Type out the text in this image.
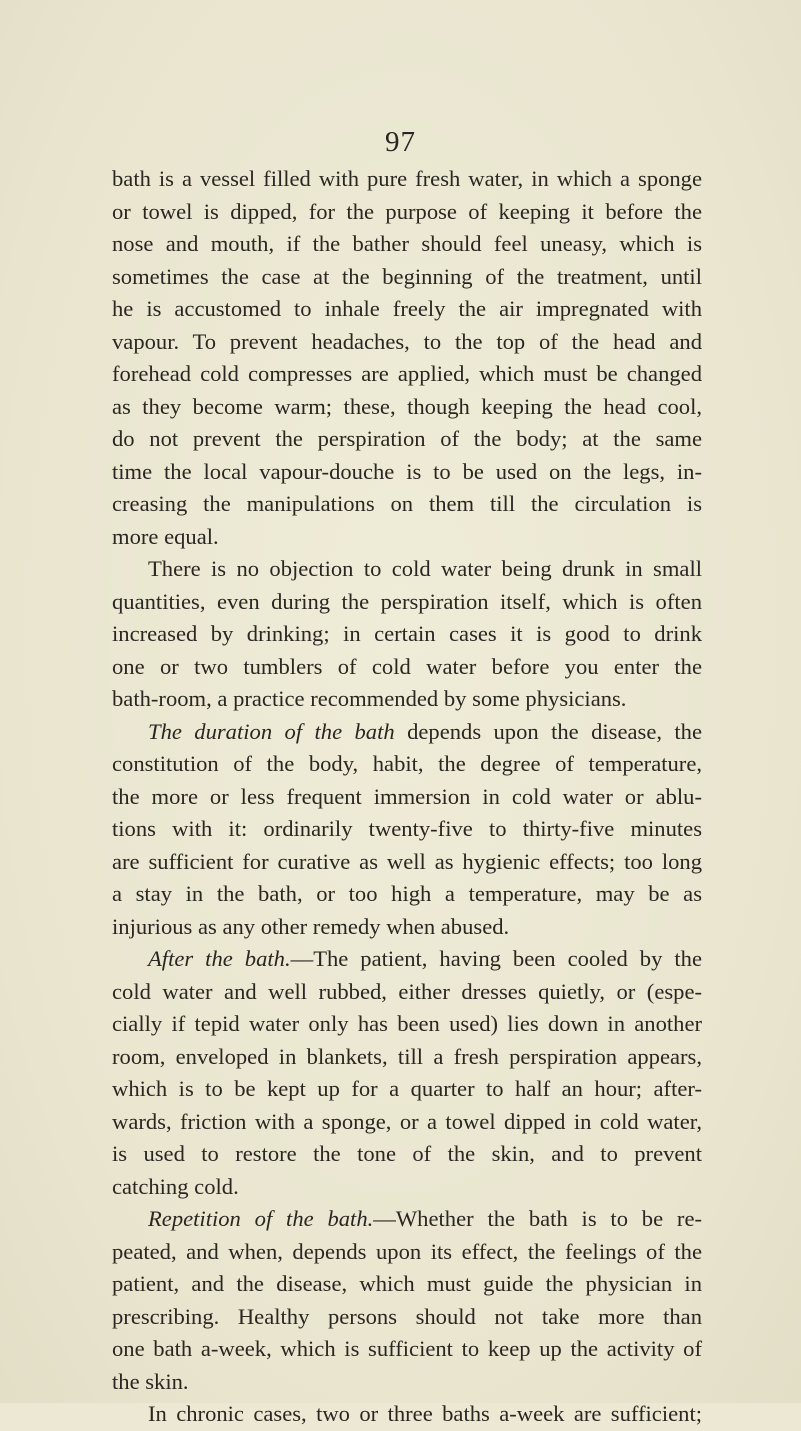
97
bath is a vessel filled with pure fresh water, in which a sponge
or towel is dipped, for the purpose of keeping it before the
nose and mouth, if the bather should feel uneasy, which is
sometimes the case at the beginning of the treatment, until
he is accustomed to inhale freely the air impregnated with
vapour. To prevent headaches, to the top of the head and
forehead cold compresses are applied, which must be changed
as they become warm; these, though keeping the head cool,
do not prevent the perspiration of the body; at the same
time the local vapour-douche is to be used on the legs, in-
creasing the manipulations on them till the circulation is
more equal.
There is no objection to cold water being drunk in small
quantities, even during the perspiration itself, which is often
increased by drinking; in certain cases it is good to drink
one or two tumblers of cold water before you enter the
bath-room, a practice recommended by some physicians.
The duration of the bath depends upon the disease, the
constitution of the body, habit, the degree of temperature,
the more or less frequent immersion in cold water or ablu-
tions with it: ordinarily twenty-five to thirty-five minutes
are sufficient for curative as well as hygienic effects; too long
a stay in the bath, or too high a temperature, may be as
injurious as any other remedy when abused.
After the bath.—The patient, having been cooled by the
cold water and well rubbed, either dresses quietly, or (espe-
cially if tepid water only has been used) lies down in another
room, enveloped in blankets, till a fresh perspiration appears,
which is to be kept up for a quarter to half an hour; after-
wards, friction with a sponge, or a towel dipped in cold water,
is used to restore the tone of the skin, and to prevent
catching cold.
Repetition of the bath.—Whether the bath is to be re-
peated, and when, depends upon its effect, the feelings of the
patient, and the disease, which must guide the physician in
prescribing. Healthy persons should not take more than
one bath a-week, which is sufficient to keep up the activity of
the skin.
In chronic cases, two or three baths a-week are sufficient;
